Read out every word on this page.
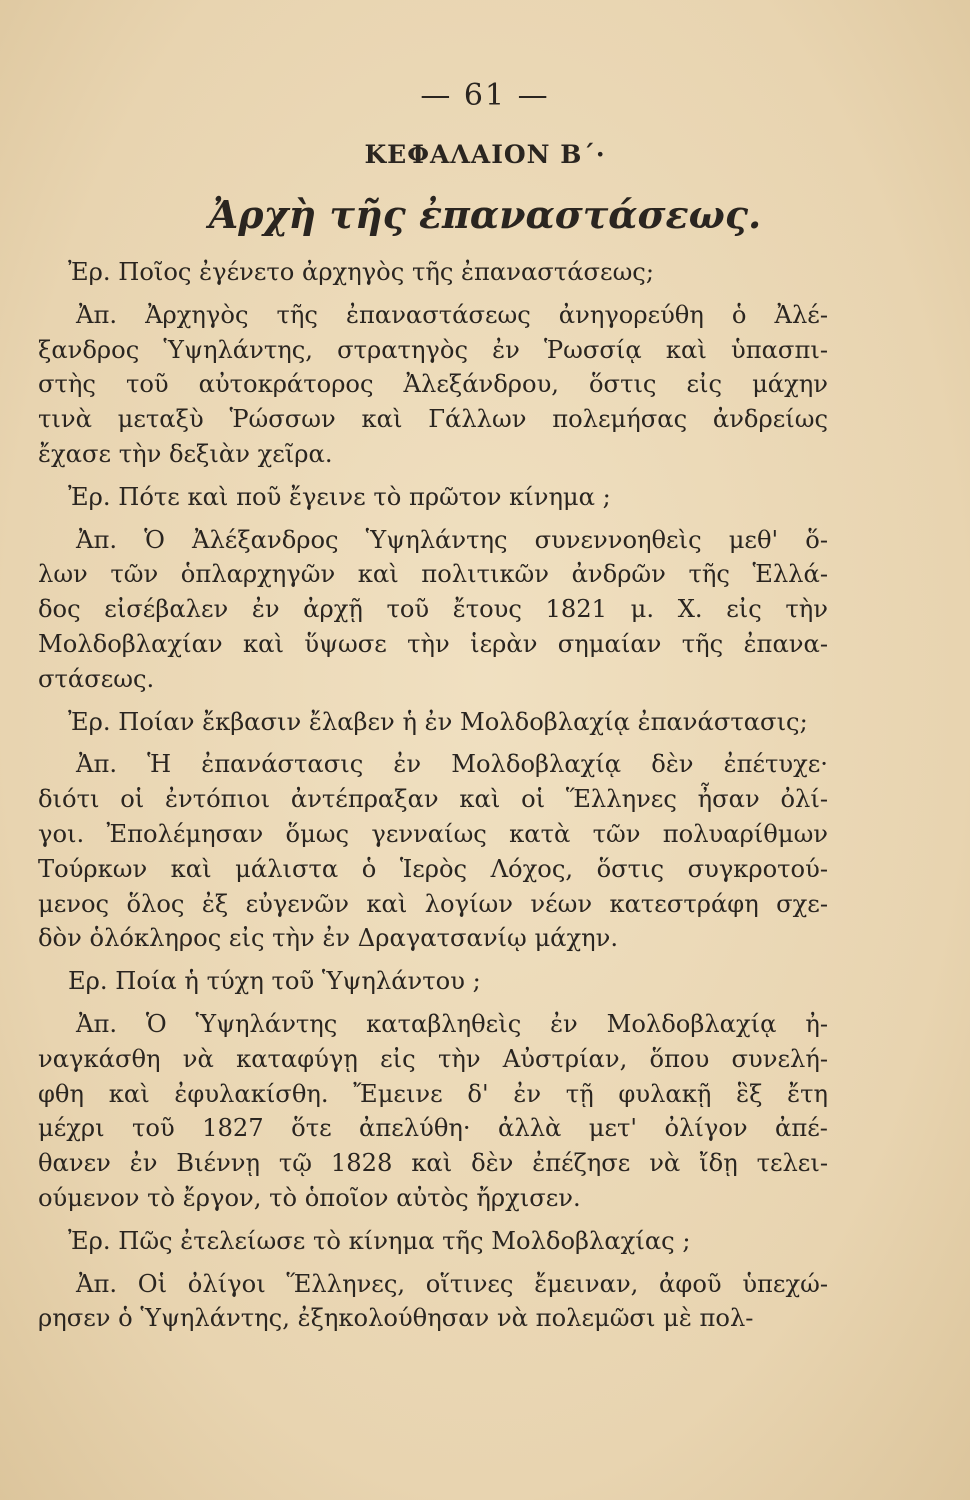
— 61 —
ΚΕΦΑΛΑΙΟΝ Β΄·
Ἀρχὴ τῆς ἐπαναστάσεως.
Ἐρ. Ποῖος ἐγένετο ἀρχηγὸς τῆς ἐπαναστάσεως;
Ἀπ. Ἀρχηγὸς τῆς ἐπαναστάσεως ἀνηγορεύθη ὁ Ἀλέ-
ξανδρος Ὑψηλάντης, στρατηγὸς ἐν Ῥωσσίᾳ καὶ ὑπασπι-
στὴς τοῦ αὐτοκράτορος Ἀλεξάνδρου, ὅστις εἰς μάχην
τινὰ μεταξὺ Ῥώσσων καὶ Γάλλων πολεμήσας ἀνδρείως
ἔχασε τὴν δεξιὰν χεῖρα.
Ἐρ. Πότε καὶ ποῦ ἔγεινε τὸ πρῶτον κίνημα ;
Ἀπ. Ὁ Ἀλέξανδρος Ὑψηλάντης συνεννοηθεὶς μεθ' ὅ-
λων τῶν ὁπλαρχηγῶν καὶ πολιτικῶν ἀνδρῶν τῆς Ἑλλά-
δος εἰσέβαλεν ἐν ἀρχῇ τοῦ ἔτους 1821 μ. Χ. εἰς τὴν
Μολδοβλαχίαν καὶ ὕψωσε τὴν ἱερὰν σημαίαν τῆς ἐπανα-
στάσεως.
Ἐρ. Ποίαν ἔκβασιν ἔλαβεν ἡ ἐν Μολδοβλαχίᾳ ἐπανάστασις;
Ἀπ. Ἡ ἐπανάστασις ἐν Μολδοβλαχίᾳ δὲν ἐπέτυχε·
διότι οἱ ἐντόπιοι ἀντέπραξαν καὶ οἱ Ἕλληνες ἦσαν ὀλί-
γοι. Ἐπολέμησαν ὅμως γενναίως κατὰ τῶν πολυαρίθμων
Τούρκων καὶ μάλιστα ὁ Ἱερὸς Λόχος, ὅστις συγκροτού-
μενος ὅλος ἐξ εὐγενῶν καὶ λογίων νέων κατεστράφη σχε-
δὸν ὁλόκληρος εἰς τὴν ἐν Δραγατσανίῳ μάχην.
Ερ. Ποία ἡ τύχη τοῦ Ὑψηλάντου ;
Ἀπ. Ὁ Ὑψηλάντης καταβληθεὶς ἐν Μολδοβλαχίᾳ ἠ-
ναγκάσθη νὰ καταφύγῃ εἰς τὴν Αὐστρίαν, ὅπου συνελή-
φθη καὶ ἐφυλακίσθη. Ἔμεινε δ' ἐν τῇ φυλακῇ ἓξ ἔτη
μέχρι τοῦ 1827 ὅτε ἀπελύθη· ἀλλὰ μετ' ὀλίγον ἀπέ-
θανεν ἐν Βιέννῃ τῷ 1828 καὶ δὲν ἐπέζησε νὰ ἴδῃ τελει-
ούμενον τὸ ἔργον, τὸ ὁποῖον αὐτὸς ἤρχισεν.
Ἐρ. Πῶς ἐτελείωσε τὸ κίνημα τῆς Μολδοβλαχίας ;
Ἀπ. Οἱ ὀλίγοι Ἕλληνες, οἵτινες ἔμειναν, ἀφοῦ ὑπεχώ-
ρησεν ὁ Ὑψηλάντης, ἐξηκολούθησαν νὰ πολεμῶσι μὲ πολ-
